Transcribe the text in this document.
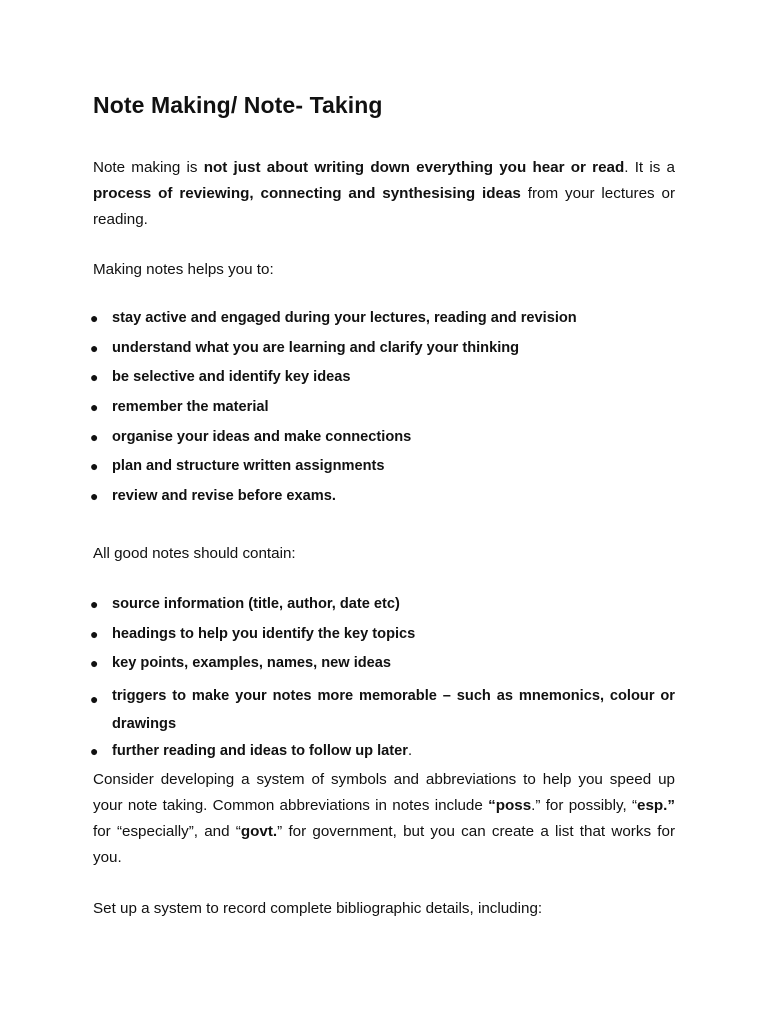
Note Making/ Note- Taking

Note making is not just about writing down everything you hear or read. It is a process of reviewing, connecting and synthesising ideas from your lectures or reading.

Making notes helps you to:

● stay active and engaged during your lectures, reading and revision
● understand what you are learning and clarify your thinking
● be selective and identify key ideas
● remember the material
● organise your ideas and make connections
● plan and structure written assignments
● review and revise before exams.

All good notes should contain:

● source information (title, author, date etc)
● headings to help you identify the key topics
● key points, examples, names, new ideas
● triggers to make your notes more memorable – such as mnemonics, colour or drawings
● further reading and ideas to follow up later.

Consider developing a system of symbols and abbreviations to help you speed up your note taking. Common abbreviations in notes include “poss.” for possibly, “esp.” for “especially”, and “govt.” for government, but you can create a list that works for you.

Set up a system to record complete bibliographic details, including:
